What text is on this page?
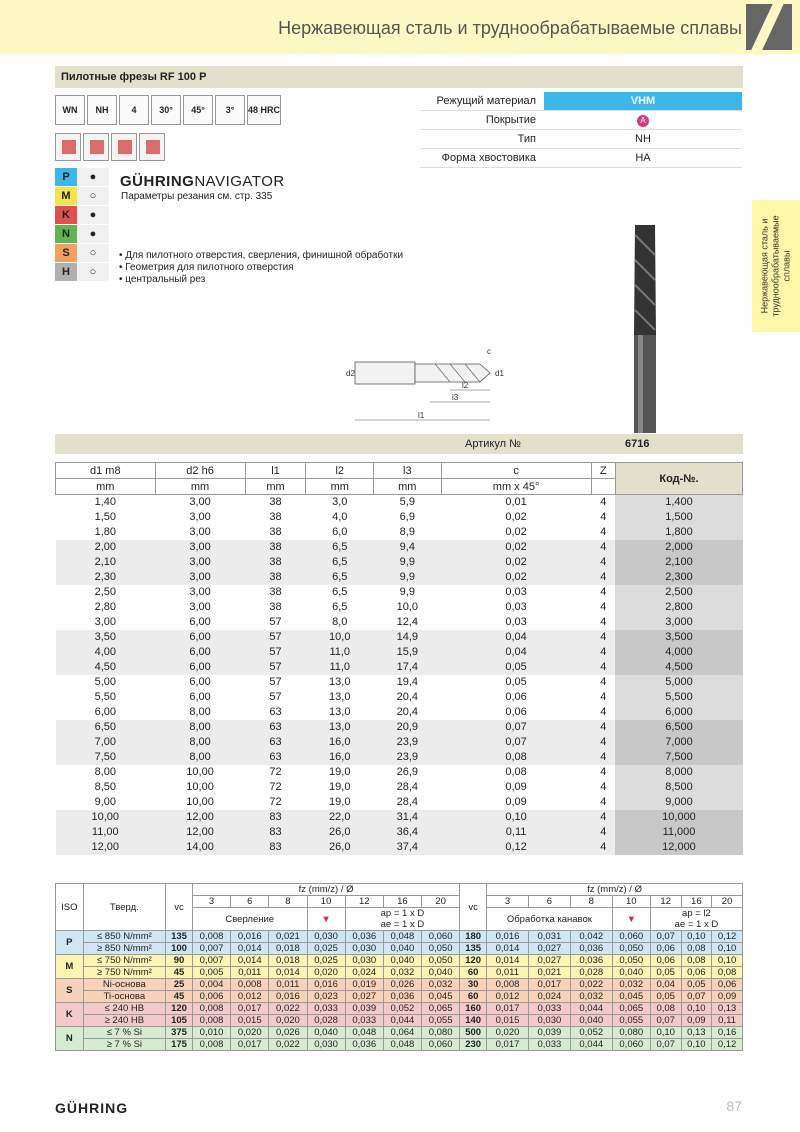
Нержавеющая сталь и труднообрабатываемые сплавы
Пилотные фрезы RF 100 P
WN	NH	4	30°	45°	3°	48 HRC
Режущий материал	VHM
Покрытие	A
Тип	NH
Форма хвостовика	HA
P	●
M	○
K	●
N	●
S	○
H	○
GÜHRINGNAVIGATOR
Параметры резания см. стр. 335
• Для пилотного отверстия, сверления, финишной обработки
• Геометрия для пилотного отверстия
• центральный рез	Нержавеющая сталь и труднообрабатываемые сплавы
d2	d1
c
l1
l3
l2
Артикул №	6716
d1 m8	d2 h6	l1	l2	l3	c	Z	Код-№.
mm	mm	mm	mm	mm	mm x 45°		
1,40	3,00	38	3,0	5,9	0,01	4	1,400
1,50	3,00	38	4,0	6,9	0,02	4	1,500
1,80	3,00	38	6,0	8,9	0,02	4	1,800
2,00	3,00	38	6,5	9,4	0,02	4	2,000
2,10	3,00	38	6,5	9,9	0,02	4	2,100
2,30	3,00	38	6,5	9,9	0,02	4	2,300
2,50	3,00	38	6,5	9,9	0,03	4	2,500
2,80	3,00	38	6,5	10,0	0,03	4	2,800
3,00	6,00	57	8,0	12,4	0,03	4	3,000
3,50	6,00	57	10,0	14,9	0,04	4	3,500
4,00	6,00	57	11,0	15,9	0,04	4	4,000
4,50	6,00	57	11,0	17,4	0,05	4	4,500
5,00	6,00	57	13,0	19,4	0,05	4	5,000
5,50	6,00	57	13,0	20,4	0,06	4	5,500
6,00	8,00	63	13,0	20,4	0,06	4	6,000
6,50	8,00	63	13,0	20,9	0,07	4	6,500
7,00	8,00	63	16,0	23,9	0,07	4	7,000
7,50	8,00	63	16,0	23,9	0,08	4	7,500
8,00	10,00	72	19,0	26,9	0,08	4	8,000
8,50	10,00	72	19,0	28,4	0,09	4	8,500
9,00	10,00	72	19,0	28,4	0,09	4	9,000
10,00	12,00	83	22,0	31,4	0,10	4	10,000
11,00	12,00	83	26,0	36,4	0,11	4	11,000
12,00	14,00	83	26,0	37,4	0,12	4	12,000
ISO	Тверд.	vc	fz (mm/z) / Ø							vc	fz (mm/z) / Ø						
			3	6	8	10	12	16	20		3	6	8	10	12	16	20
			Сверление			▼	ap = 1 x D
ae = 1 x D				Обработка канавок			▼	ap = l2
ae = 1 x D		
P	≤ 850 N/mm²	135	0,008	0,016	0,021	0,030	0,036	0,048	0,060	180	0,016	0,031	0,042	0,060	0,07	0,10	0,12
	≥ 850 N/mm²	100	0,007	0,014	0,018	0,025	0,030	0,040	0,050	135	0,014	0,027	0,036	0,050	0,06	0,08	0,10
M	≤ 750 N/mm²	90	0,007	0,014	0,018	0,025	0,030	0,040	0,050	120	0,014	0,027	0,036	0,050	0,06	0,08	0,10
	≥ 750 N/mm²	45	0,005	0,011	0,014	0,020	0,024	0,032	0,040	60	0,011	0,021	0,028	0,040	0,05	0,06	0,08
S	Ni-основа	25	0,004	0,008	0,011	0,016	0,019	0,026	0,032	30	0,008	0,017	0,022	0,032	0,04	0,05	0,06
	Ti-основа	45	0,006	0,012	0,016	0,023	0,027	0,036	0,045	60	0,012	0,024	0,032	0,045	0,05	0,07	0,09
K	≤ 240 HB	120	0,008	0,017	0,022	0,033	0,039	0,052	0,065	160	0,017	0,033	0,044	0,065	0,08	0,10	0,13
	≥ 240 HB	105	0,008	0,015	0,020	0,028	0,033	0,044	0,055	140	0,015	0,030	0,040	0,055	0,07	0,09	0,11
N	≤ 7 % Si	375	0,010	0,020	0,026	0,040	0,048	0,064	0,080	500	0,020	0,039	0,052	0,080	0,10	0,13	0,16
	≥ 7 % Si	175	0,008	0,017	0,022	0,030	0,036	0,048	0,060	230	0,017	0,033	0,044	0,060	0,07	0,10	0,12
GÜHRING	87
